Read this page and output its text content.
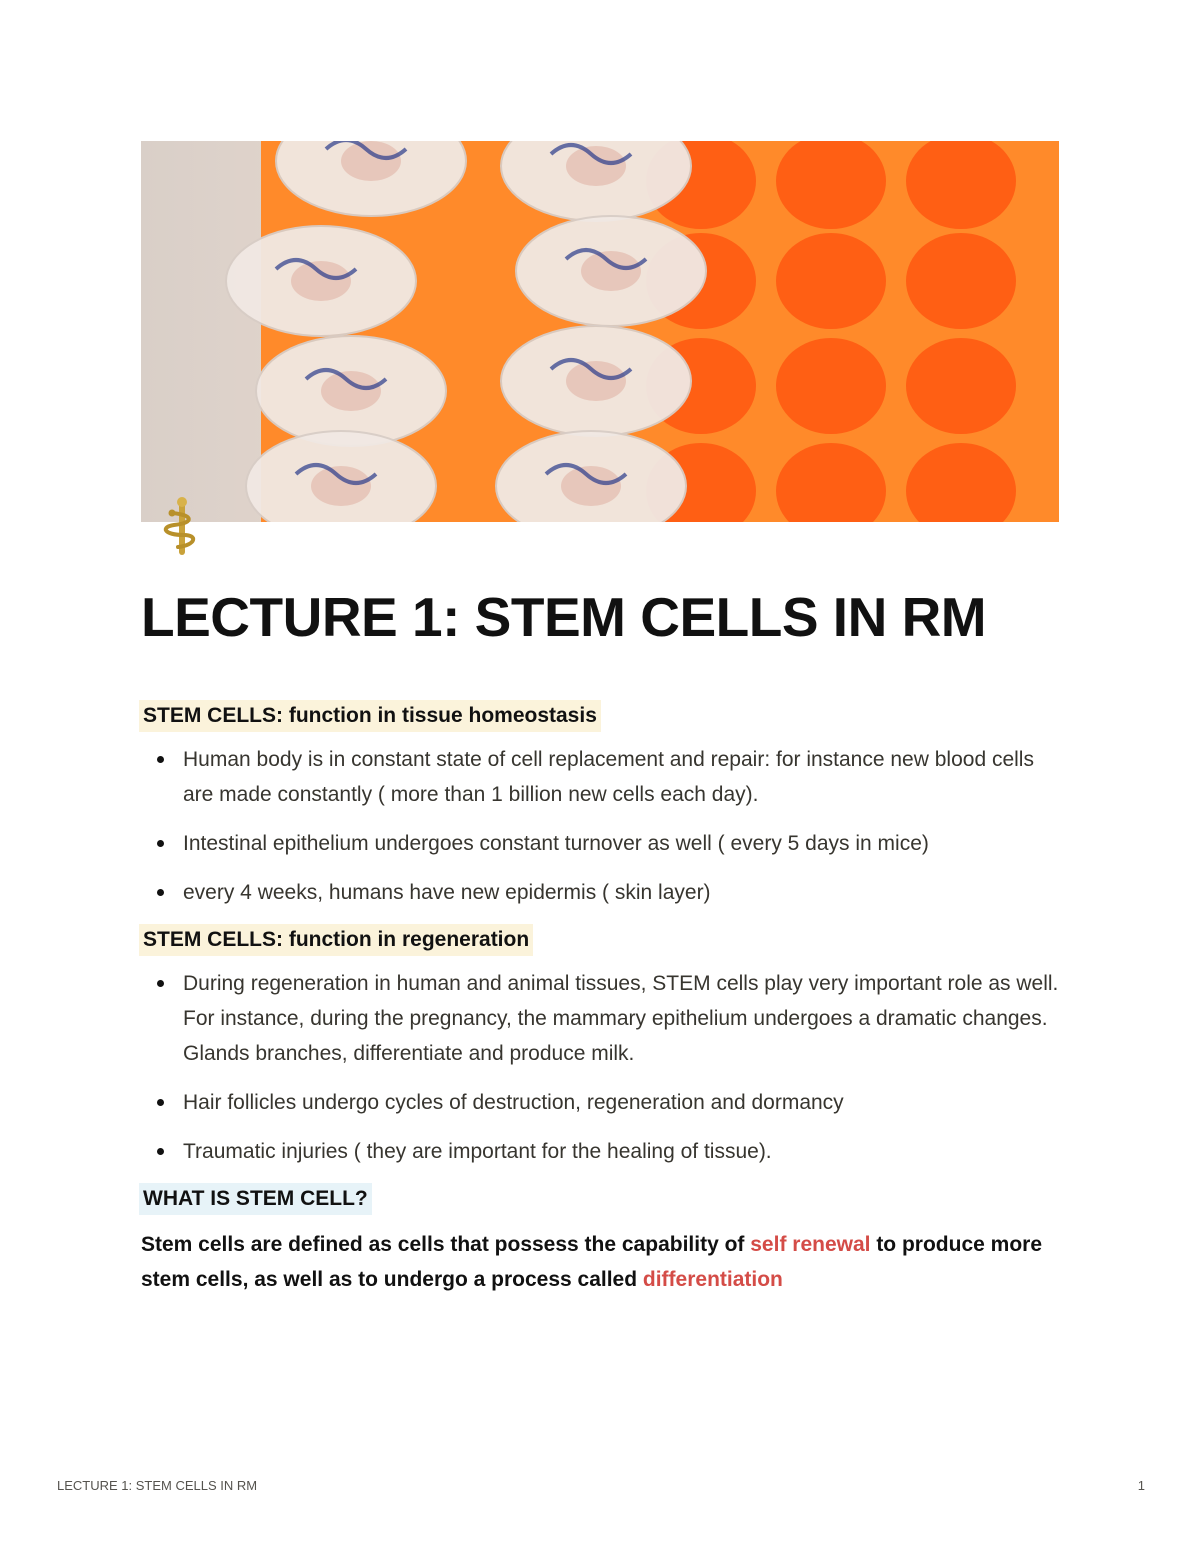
LECTURE 1: STEM CELLS IN RM
STEM CELLS: function in tissue homeostasis
Human body is in constant state of cell replacement and repair: for instance new blood cells are made constantly ( more than 1 billion new cells each day).
Intestinal epithelium undergoes constant turnover as well ( every 5 days in mice)
every 4 weeks, humans have new epidermis ( skin layer)
STEM CELLS: function in regeneration
During regeneration in human and animal tissues, STEM cells play very important role as well. For instance, during the pregnancy, the mammary epithelium undergoes a dramatic changes. Glands branches, differentiate and produce milk.
Hair follicles undergo cycles of destruction, regeneration and dormancy
Traumatic injuries ( they are important for the healing of tissue).
WHAT IS STEM CELL?
Stem cells are defined as cells that possess the capability of self renewal to produce more stem cells, as well as to undergo a process called differentiation
LECTURE 1: STEM CELLS IN RM	1
